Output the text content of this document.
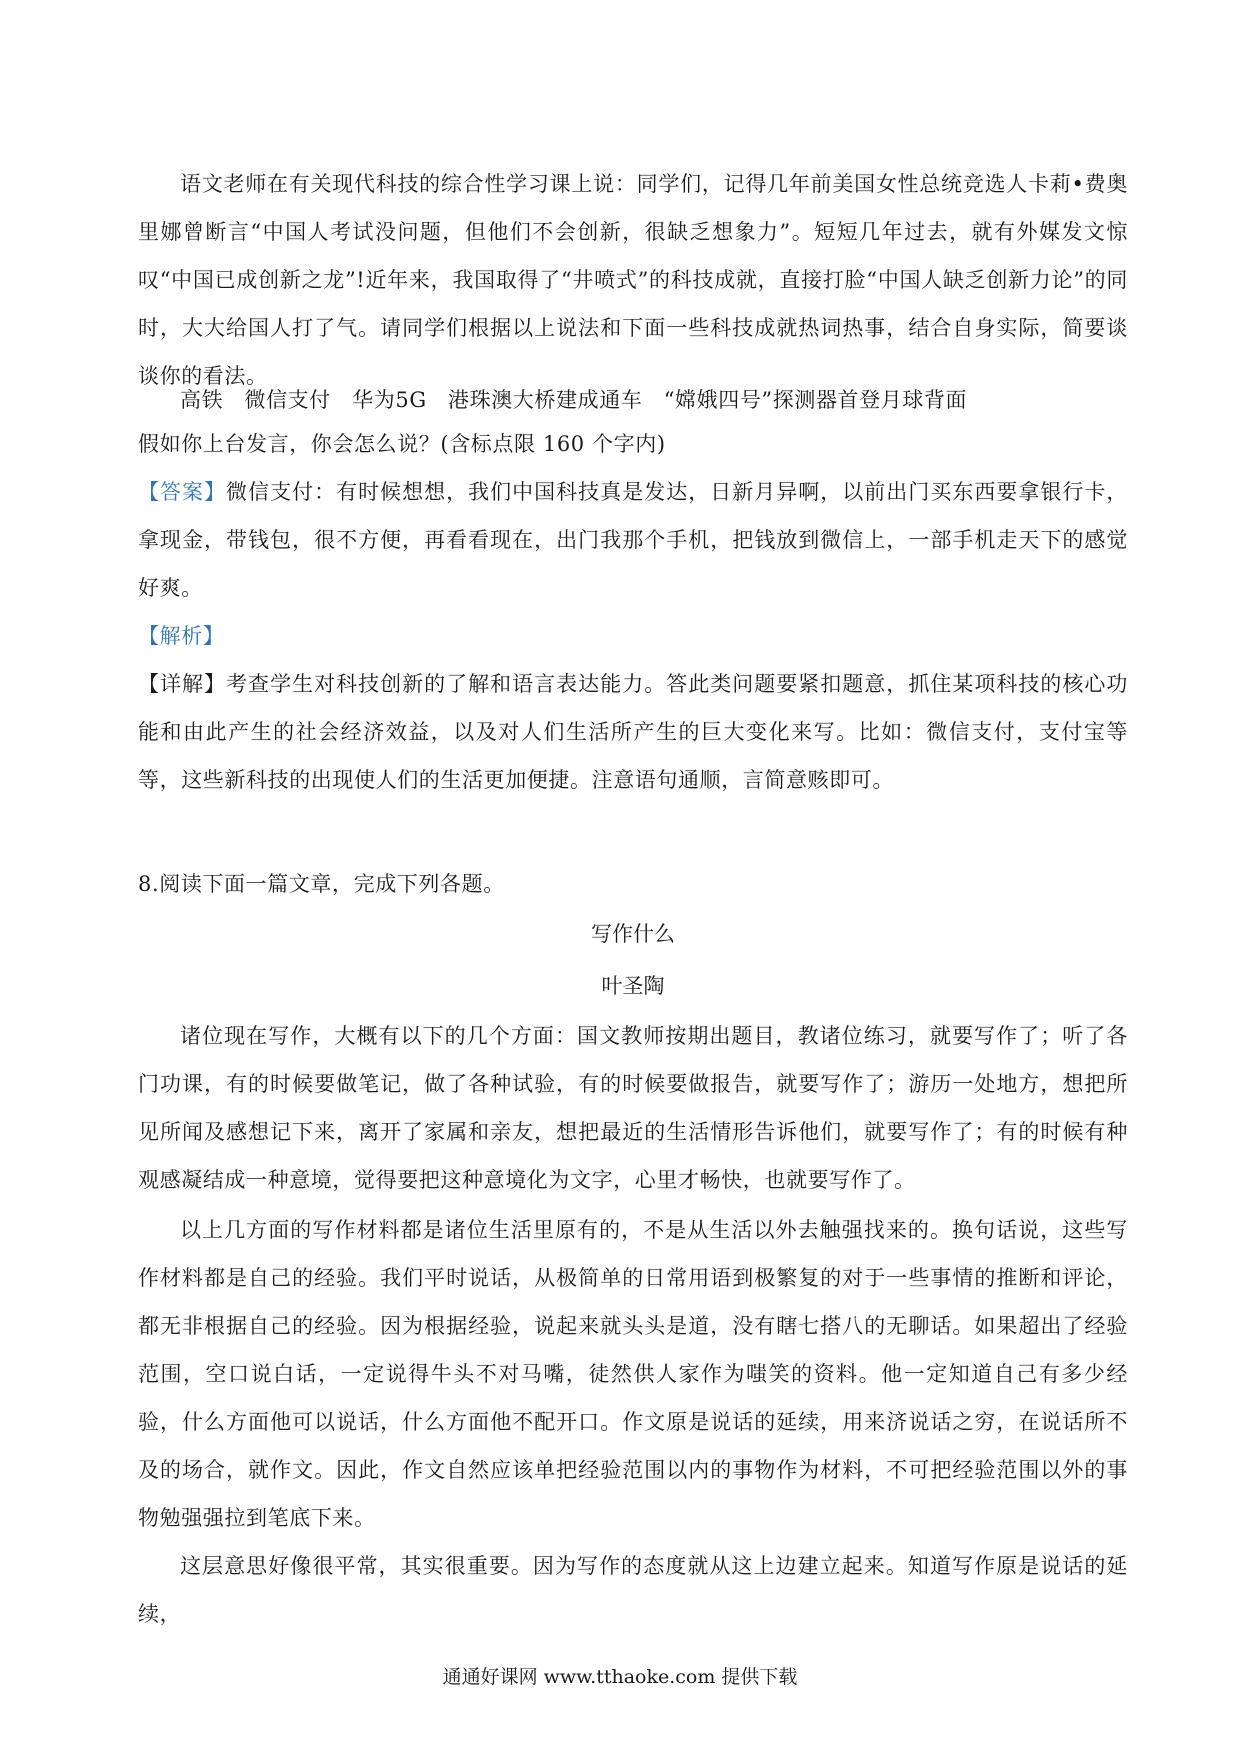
语文老师在有关现代科技的综合性学习课上说：同学们，记得几年前美国女性总统竞选人卡莉•费奥里娜曾断言“中国人考试没问题，但他们不会创新，很缺乏想象力”。短短几年过去，就有外媒发文惊叹“中国已成创新之龙”!近年来，我国取得了“井喷式”的科技成就，直接打脸“中国人缺乏创新力论”的同时，大大给国人打了气。请同学们根据以上说法和下面一些科技成就热词热事，结合自身实际，简要谈谈你的看法。

高铁 微信支付 华为5G 港珠澳大桥建成通车 “嫦娥四号”探测器首登月球背面

假如你上台发言，你会怎么说？(含标点限 160 个字内)

【答案】微信支付：有时候想想，我们中国科技真是发达，日新月异啊，以前出门买东西要拿银行卡，拿现金，带钱包，很不方便，再看看现在，出门我那个手机，把钱放到微信上，一部手机走天下的感觉好爽。

【解析】

【详解】考查学生对科技创新的了解和语言表达能力。答此类问题要紧扣题意，抓住某项科技的核心功能和由此产生的社会经济效益，以及对人们生活所产生的巨大变化来写。比如：微信支付，支付宝等等，这些新科技的出现使人们的生活更加便捷。注意语句通顺，言简意赅即可。

8.阅读下面一篇文章，完成下列各题。

写作什么

叶圣陶

诸位现在写作，大概有以下的几个方面：国文教师按期出题目，教诸位练习，就要写作了；听了各门功课，有的时候要做笔记，做了各种试验，有的时候要做报告，就要写作了；游历一处地方，想把所见所闻及感想记下来，离开了家属和亲友，想把最近的生活情形告诉他们，就要写作了；有的时候有种观感凝结成一种意境，觉得要把这种意境化为文字，心里才畅快，也就要写作了。

以上几方面的写作材料都是诸位生活里原有的，不是从生活以外去触强找来的。换句话说，这些写作材料都是自己的经验。我们平时说话，从极简单的日常用语到极繁复的对于一些事情的推断和评论，都无非根据自己的经验。因为根据经验，说起来就头头是道，没有瞎七搭八的无聊话。如果超出了经验范围，空口说白话，一定说得牛头不对马嘴，徒然供人家作为嗤笑的资料。他一定知道自己有多少经验，什么方面他可以说话，什么方面他不配开口。作文原是说话的延续，用来济说话之穷，在说话所不及的场合，就作文。因此，作文自然应该单把经验范围以内的事物作为材料，不可把经验范围以外的事物勉强强拉到笔底下来。

这层意思好像很平常，其实很重要。因为写作的态度就从这上边建立起来。知道写作原是说话的延续，

通通好课网 www.tthaoke.com 提供下载
